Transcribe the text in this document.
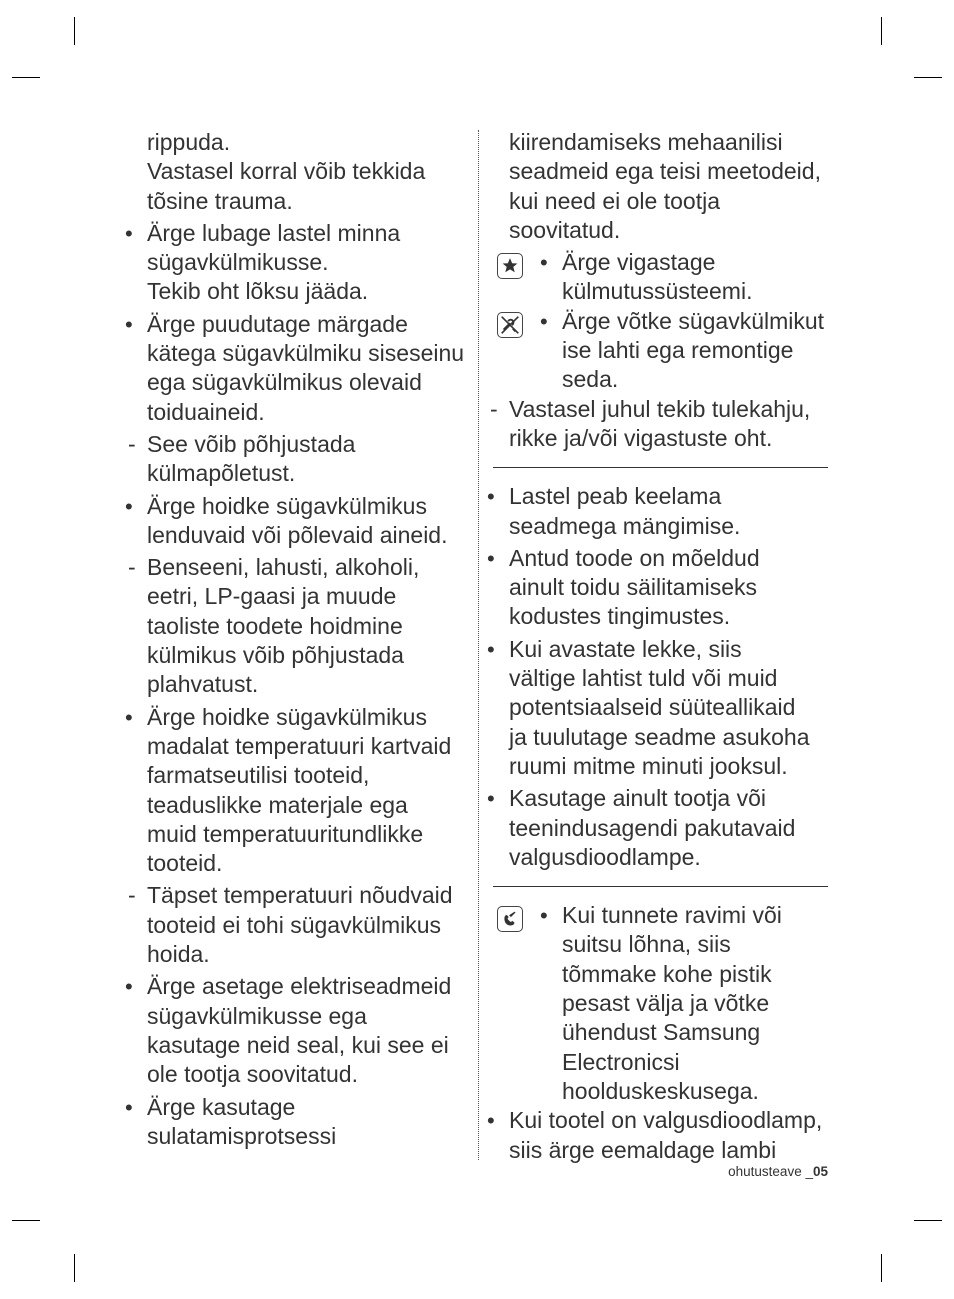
rippuda.
Vastasel korral võib tekkida
tõsine trauma.
• Ärge lubage lastel minna
sügavkülmikusse.
Tekib oht lõksu jääda.
• Ärge puudutage märgade
kätega sügavkülmiku siseseinu
ega sügavkülmikus olevaid
toiduaineid.
- See võib põhjustada
külmapõletust.
• Ärge hoidke sügavkülmikus
lenduvaid või põlevaid aineid.
- Benseeni, lahusti, alkoholi,
eetri, LP-gaasi ja muude
taoliste toodete hoidmine
külmikus võib põhjustada
plahvatust.
• Ärge hoidke sügavkülmikus
madalat temperatuuri kartvaid
farmatseutilisi tooteid,
teaduslikke materjale ega
muid temperatuuritundlikke
tooteid.
- Täpset temperatuuri nõudvaid
tooteid ei tohi sügavkülmikus
hoida.
• Ärge asetage elektriseadmeid
sügavkülmikusse ega
kasutage neid seal, kui see ei
ole tootja soovitatud.
• Ärge kasutage
sulatamisprotsessi
kiirendamiseks mehaanilisi
seadmeid ega teisi meetodeid,
kui need ei ole tootja
soovitatud.
• Ärge vigastage
külmutussüsteemi.
• Ärge võtke sügavkülmikut
ise lahti ega remontige
seda.
- Vastasel juhul tekib tulekahju,
rikke ja/või vigastuste oht.
• Lastel peab keelama
seadmega mängimise.
• Antud toode on mõeldud
ainult toidu säilitamiseks
kodustes tingimustes.
• Kui avastate lekke, siis
vältige lahtist tuld või muid
potentsiaalseid süüteallikaid
ja tuulutage seadme asukoha
ruumi mitme minuti jooksul.
• Kasutage ainult tootja või
teenindusagendi pakutavaid
valgusdioodlampe.
• Kui tunnete ravimi või
suitsu lõhna, siis
tõmmake kohe pistik
pesast välja ja võtke
ühendust Samsung
Electronicsi
hoolduskeskusega.
• Kui tootel on valgusdioodlamp,
siis ärge eemaldage lambi
ohutusteave _05
